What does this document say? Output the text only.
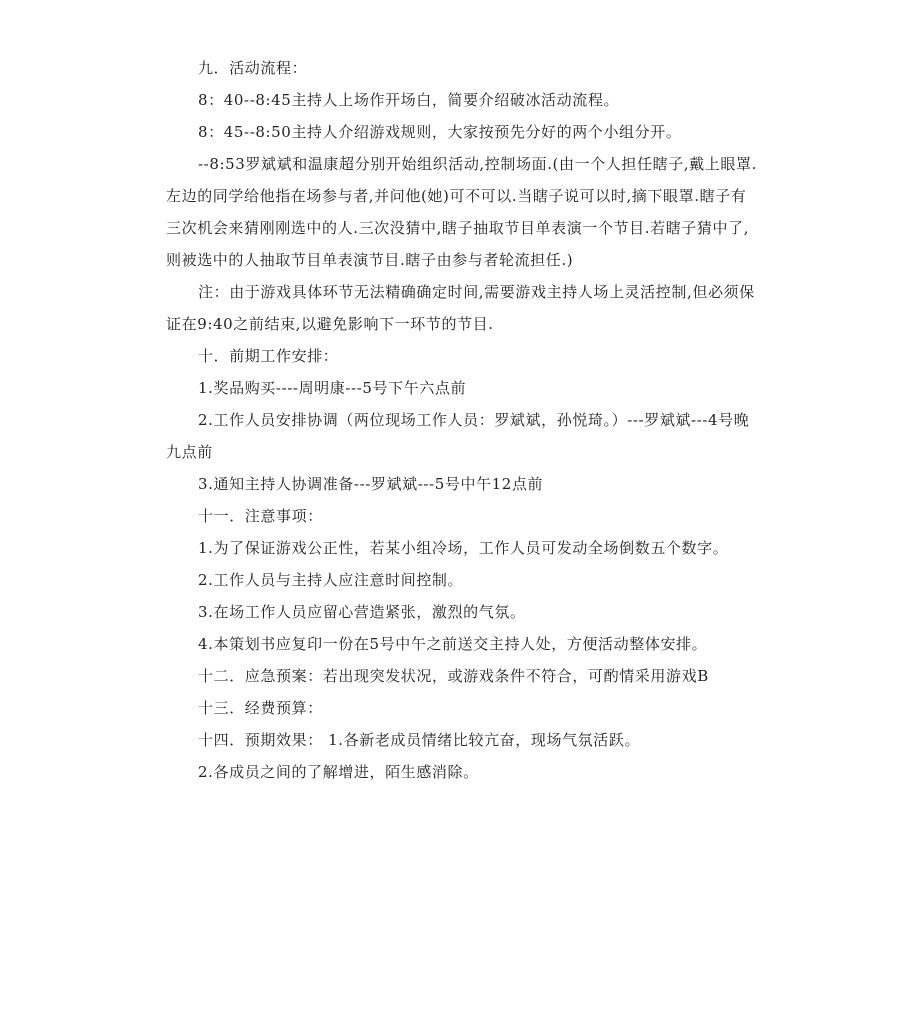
九．活动流程：

8：40--8:45主持人上场作开场白，简要介绍破冰活动流程。

8：45--8:50主持人介绍游戏规则，大家按预先分好的两个小组分开。

--8:53罗斌斌和温康超分别开始组织活动,控制场面.(由一个人担任瞎子,戴上眼罩.左边的同学给他指在场参与者,并问他(她)可不可以.当瞎子说可以时,摘下眼罩.瞎子有三次机会来猜刚刚选中的人.三次没猜中,瞎子抽取节目单表演一个节目.若瞎子猜中了,则被选中的人抽取节目单表演节目.瞎子由参与者轮流担任.)

注：由于游戏具体环节无法精确确定时间,需要游戏主持人场上灵活控制,但必须保证在9:40之前结束,以避免影响下一环节的节目.

十．前期工作安排：

1.奖品购买----周明康---5号下午六点前

2.工作人员安排协调（两位现场工作人员：罗斌斌，孙悦琦。）---罗斌斌---4号晚九点前

3.通知主持人协调准备---罗斌斌---5号中午12点前

十一．注意事项：

1.为了保证游戏公正性，若某小组冷场，工作人员可发动全场倒数五个数字。

2.工作人员与主持人应注意时间控制。

3.在场工作人员应留心营造紧张，激烈的气氛。

4.本策划书应复印一份在5号中午之前送交主持人处，方便活动整体安排。

十二．应急预案：若出现突发状况，或游戏条件不符合，可酌情采用游戏B

十三．经费预算：

十四．预期效果： 1.各新老成员情绪比较亢奋，现场气氛活跃。

2.各成员之间的了解增进，陌生感消除。
